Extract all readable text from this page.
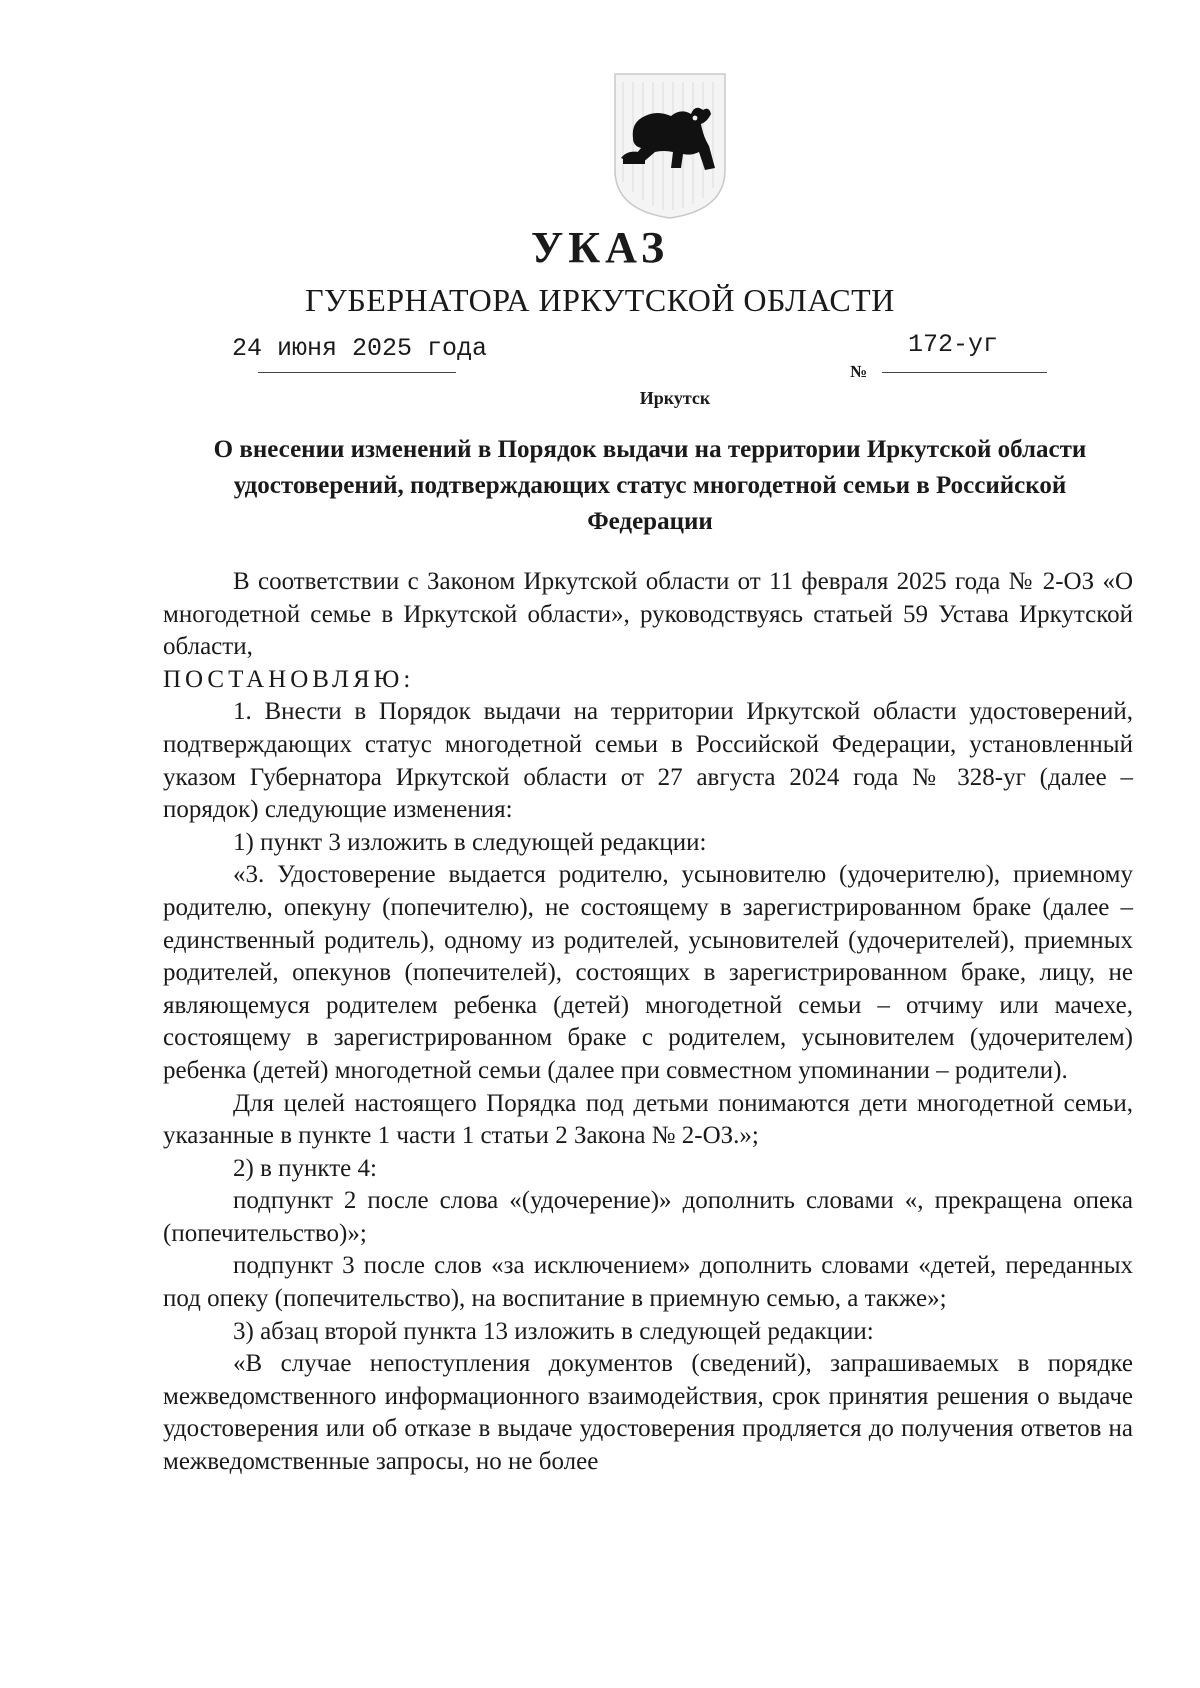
УКАЗ
ГУБЕРНАТОРА ИРКУТСКОЙ ОБЛАСТИ
24 июня 2025 года
№
172-уг
Иркутск
О внесении изменений в Порядок выдачи на территории Иркутской области удостоверений, подтверждающих статус многодетной семьи в Российской Федерации

В соответствии с Законом Иркутской области от 11 февраля 2025 года № 2-ОЗ «О многодетной семье в Иркутской области», руководствуясь статьей 59 Устава Иркутской области,

ПОСТАНОВЛЯЮ:

1. Внести в Порядок выдачи на территории Иркутской области удостоверений, подтверждающих статус многодетной семьи в Российской Федерации, установленный указом Губернатора Иркутской области от 27 августа 2024 года № 328-уг (далее – порядок) следующие изменения:

1) пункт 3 изложить в следующей редакции:

«3. Удостоверение выдается родителю, усыновителю (удочерителю), приемному родителю, опекуну (попечителю), не состоящему в зарегистрированном браке (далее – единственный родитель), одному из родителей, усыновителей (удочерителей), приемных родителей, опекунов (попечителей), состоящих в зарегистрированном браке, лицу, не являющемуся родителем ребенка (детей) многодетной семьи – отчиму или мачехе, состоящему в зарегистрированном браке с родителем, усыновителем (удочерителем) ребенка (детей) многодетной семьи (далее при совместном упоминании – родители).

Для целей настоящего Порядка под детьми понимаются дети многодетной семьи, указанные в пункте 1 части 1 статьи 2 Закона № 2-ОЗ.»;

2) в пункте 4:

подпункт 2 после слова «(удочерение)» дополнить словами «, прекращена опека (попечительство)»;

подпункт 3 после слов «за исключением» дополнить словами «детей, переданных под опеку (попечительство), на воспитание в приемную семью, а также»;

3) абзац второй пункта 13 изложить в следующей редакции:

«В случае непоступления документов (сведений), запрашиваемых в порядке межведомственного информационного взаимодействия, срок принятия решения о выдаче удостоверения или об отказе в выдаче удостоверения продляется до получения ответов на межведомственные запросы, но не более
